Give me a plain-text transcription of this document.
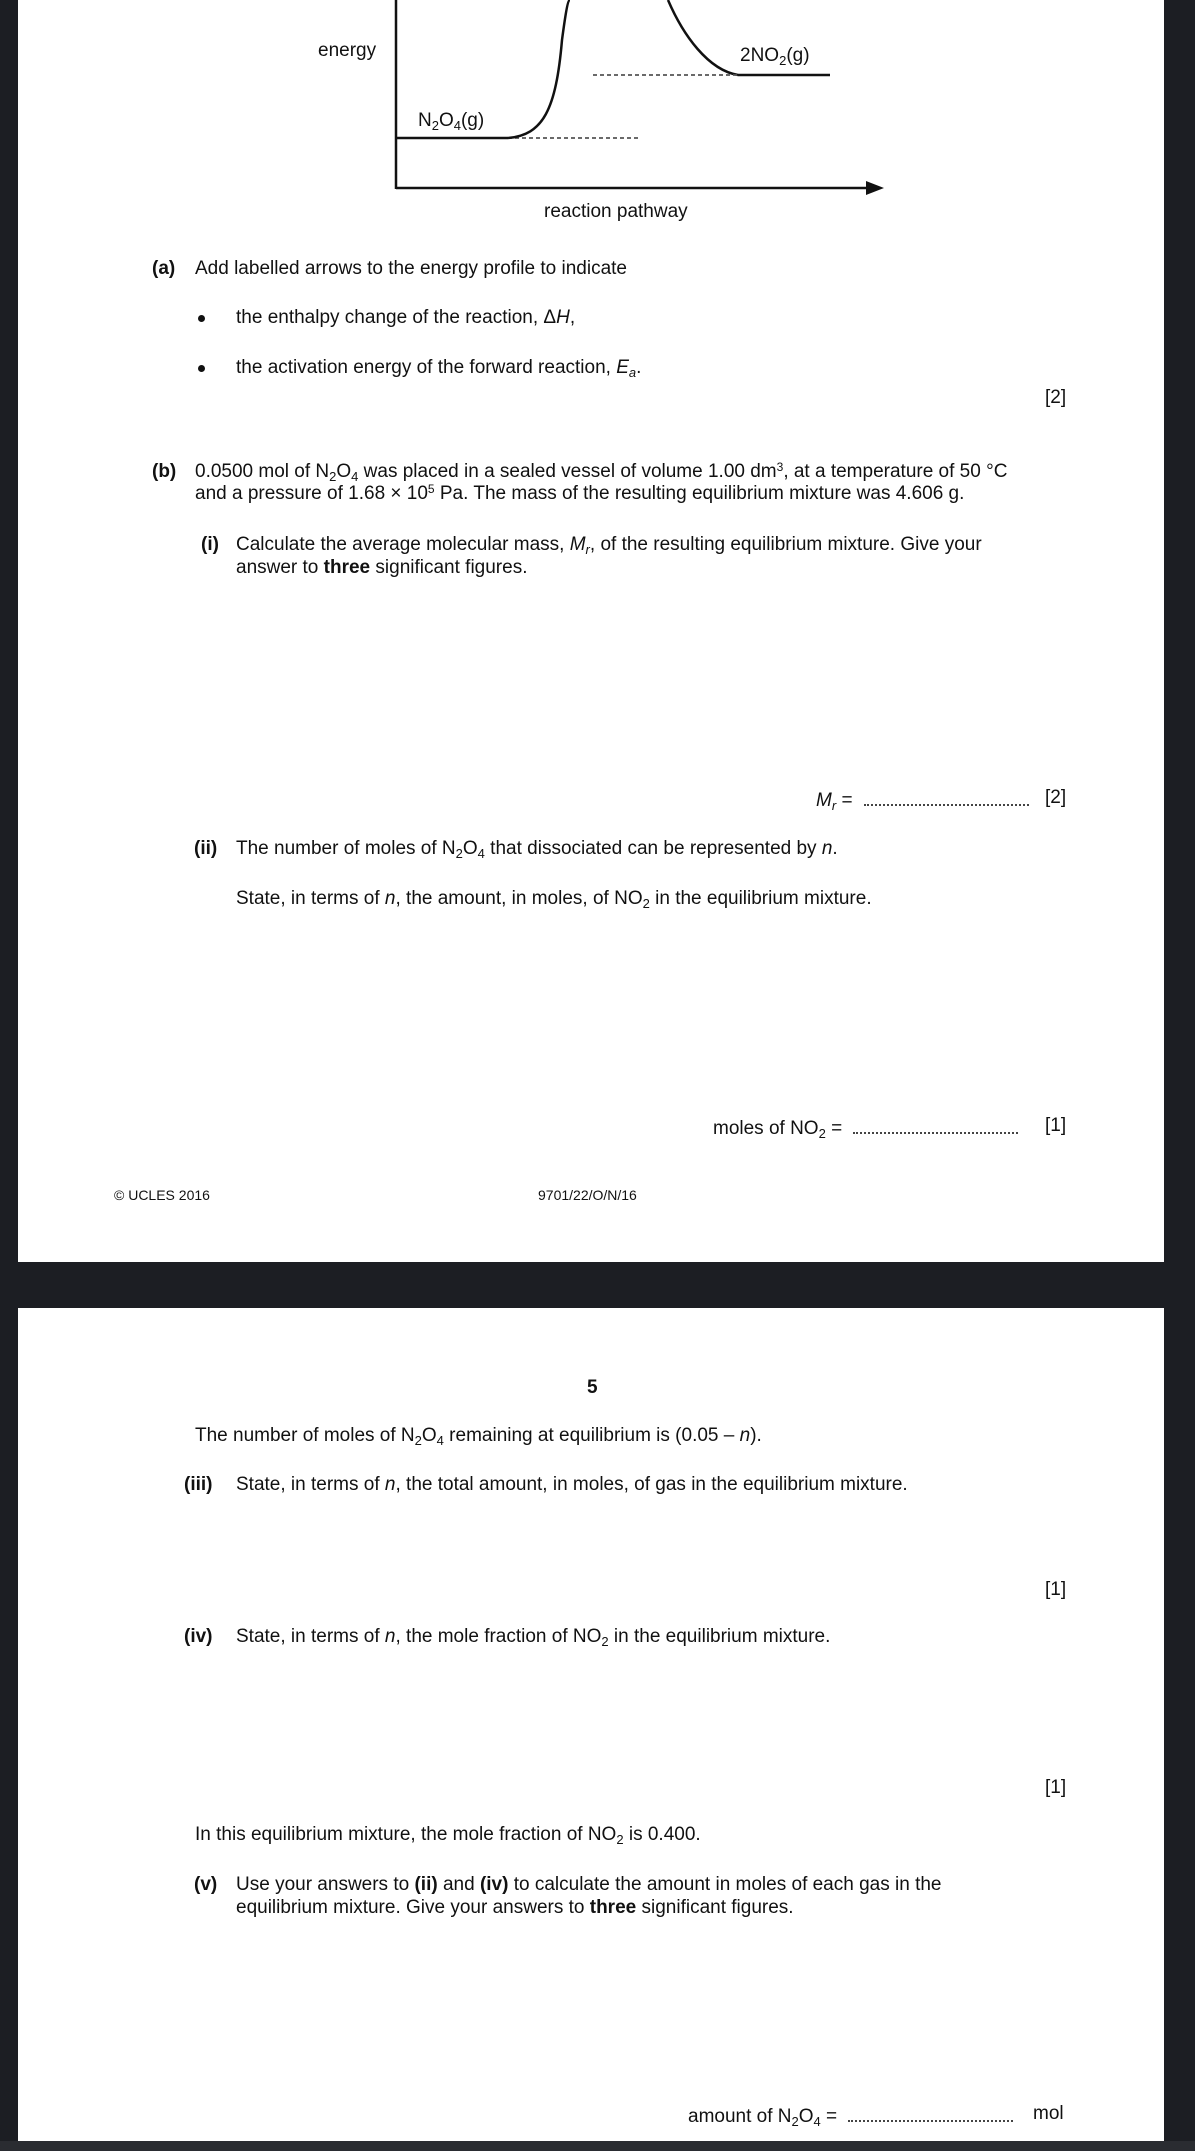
energy	$2NO_2(g)$
$N_2O_4(g)$
reaction pathway
(a) Add labelled arrows to the energy profile to indicate
the enthalpy change of the reaction, ΔH,
the activation energy of the forward reaction, $E_a$.
[2]
(b) 0.0500 mol of $N_2O_4$ was placed in a sealed vessel of volume 1.00 $dm^3$, at a temperature of 50 °C
and a pressure of $1.68 \times 10^5$ Pa. The mass of the resulting equilibrium mixture was 4.606 g.
(i) Calculate the average molecular mass, $M_r$, of the resulting equilibrium mixture. Give your
answer to three significant figures.
$M_r$ =	[2]
(ii) The number of moles of $N_2O_4$ that dissociated can be represented by n.
State, in terms of n, the amount, in moles, of $NO_2$ in the equilibrium mixture.
moles of $NO_2$ =	[1]
© UCLES 2016	9701/22/O/N/16
5
The number of moles of $N_2O_4$ remaining at equilibrium is (0.05 – n).
(iii) State, in terms of n, the total amount, in moles, of gas in the equilibrium mixture.
[1]
(iv) State, in terms of n, the mole fraction of $NO_2$ in the equilibrium mixture.
[1]
In this equilibrium mixture, the mole fraction of $NO_2$ is 0.400.
(v) Use your answers to (ii) and (iv) to calculate the amount in moles of each gas in the
equilibrium mixture. Give your answers to three significant figures.
amount of $N_2O_4$ =	mol
